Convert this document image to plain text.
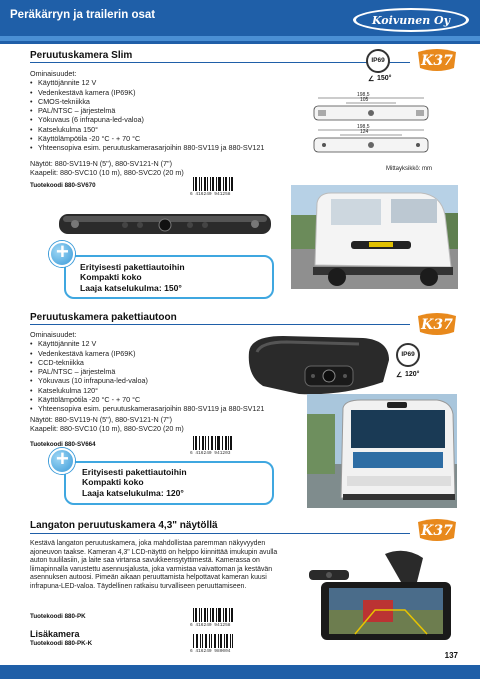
Peräkärryn ja trailerin osat	Koivunen Oy
Peruutuskamera Slim
Ominaisuudet:
• Käyttöjännite 12 V
• Vedenkestävä kamera (IP69K)
• CMOS-tekniikka
• PAL/NTSC – järjestelmä
• Yökuvaus (6 infrapuna-led-valoa)
• Katselukulma 150°
• Käyttölämpötila -20 °C - + 70 °C
• Yhteensopiva esim. peruutuskamerasarjoihin 880-SV119 ja 880-SV121
Näytöt: 880-SV119-N (5"), 880-SV121-N (7")
Kaapelit: 880-SVC10 (10 m), 880-SVC20 (20 m)
IP69
∠ 150°
K37
198,5
105
198,5
124
Mittayksikkö: mm
Tuotekoodi 880-SV670
6 416240 941258
+
Erityisesti pakettiautoihin
Kompakti koko
Laaja katselukulma: 150°
Peruutuskamera pakettiautoon	K37
Ominaisuudet:
• Käyttöjännite 12 V
• Vedenkestävä kamera (IP69K)
• CCD-tekniikka
• PAL/NTSC – järjestelmä
• Yökuvaus (10 infrapuna-led-valoa)
• Katselukulma 120°
• Käyttölämpötila -20 °C - + 70 °C
• Yhteensopiva esim. peruutuskamerasarjoihin 880-SV119 ja 880-SV121
Näytöt: 880-SV119-N (5"), 880-SV121-N (7")
Kaapelit: 880-SVC10 (10 m), 880-SVC20 (20 m)
IP69
∠ 120°
Tuotekoodi 880-SV664
6 416240 941203
+
Erityisesti pakettiautoihin
Kompakti koko
Laaja katselukulma: 120°
Langaton peruutuskamera 4,3" näytöllä	K37
Kestävä langaton peruutuskamera, joka mahdollistaa paremman näkyvyyden ajoneuvon taakse. Kameran 4,3" LCD-näyttö on helppo kiinnittää imukupin avulla auton tuulilasiin, ja laite saa virtansa savukkeensytyttimestä. Kamerassa on liimapinnalla varustettu asennusjalusta, joka varmistaa vaivattoman ja kestävän asennuksen autoosi. Pimeän aikaan peruuttamista helpottavat kameran kuusi infrapuna-LED-valoa. Täydellinen ratkaisu turvalliseen peruuttamiseen.
Tuotekoodi 880-PK
6 416240 941258
Lisäkamera
Tuotekoodi 880-PK-K
6 416240 980004	137
